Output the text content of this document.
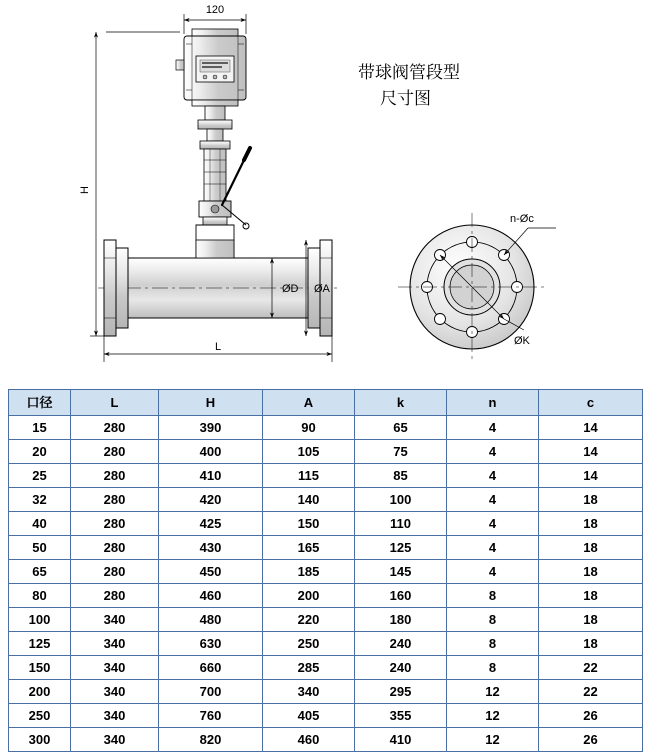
120
H
L
ØD ØA
带球阀管段型
尺寸图
n-Øc
ØK
口径	L	H	A	k	n	c
15	280	390	90	65	4	14
20	280	400	105	75	4	14
25	280	410	115	85	4	14
32	280	420	140	100	4	18
40	280	425	150	110	4	18
50	280	430	165	125	4	18
65	280	450	185	145	4	18
80	280	460	200	160	8	18
100	340	480	220	180	8	18
125	340	630	250	240	8	18
150	340	660	285	240	8	22
200	340	700	340	295	12	22
250	340	760	405	355	12	26
300	340	820	460	410	12	26
